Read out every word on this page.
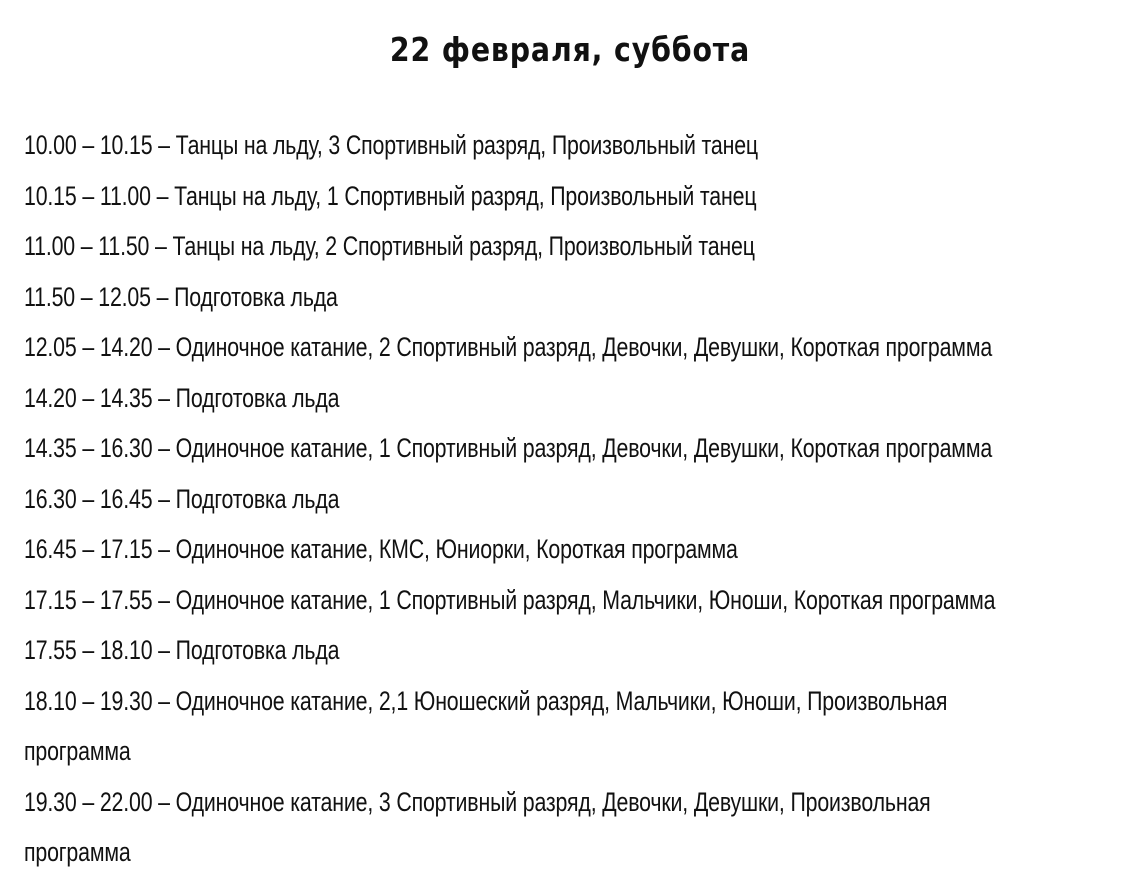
22 февраля, суббота
10.00 – 10.15 – Танцы на льду, 3 Спортивный разряд, Произвольный танец
10.15 – 11.00 – Танцы на льду, 1 Спортивный разряд, Произвольный танец
11.00 – 11.50 – Танцы на льду, 2 Спортивный разряд, Произвольный танец
11.50 – 12.05 – Подготовка льда
12.05 – 14.20 – Одиночное катание, 2 Спортивный разряд, Девочки, Девушки, Короткая программа
14.20 – 14.35 – Подготовка льда
14.35 – 16.30 – Одиночное катание, 1 Спортивный разряд, Девочки, Девушки, Короткая программа
16.30 – 16.45 – Подготовка льда
16.45 – 17.15 – Одиночное катание, КМС, Юниорки, Короткая программа
17.15 – 17.55 – Одиночное катание, 1 Спортивный разряд, Мальчики, Юноши, Короткая программа
17.55 – 18.10 – Подготовка льда
18.10 – 19.30 – Одиночное катание, 2,1 Юношеский разряд, Мальчики, Юноши, Произвольная
программа
19.30 – 22.00 – Одиночное катание, 3 Спортивный разряд, Девочки, Девушки, Произвольная
программа
